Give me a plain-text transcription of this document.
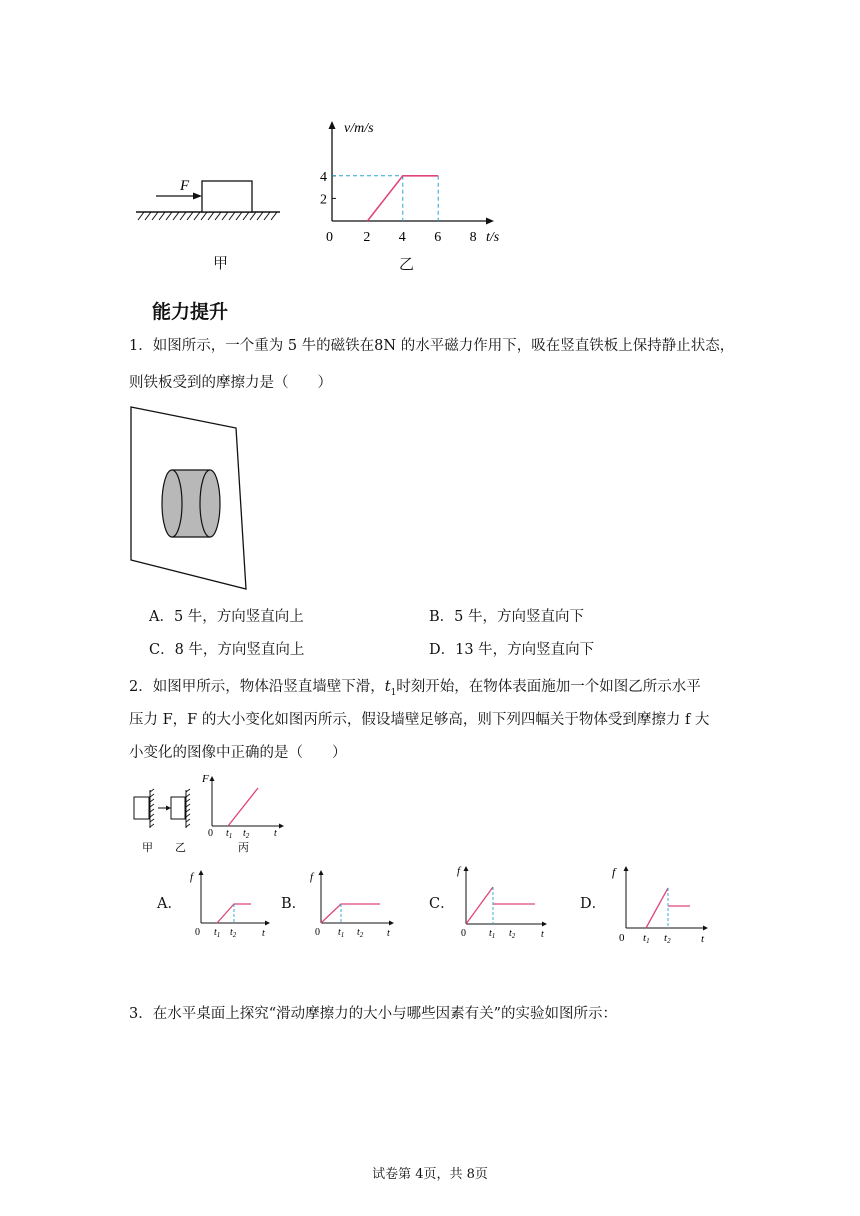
F
甲
v/m/s
t/s
0 2 4 6 8
2
4
乙
能力提升
1．如图所示，一个重为 5 牛的磁铁在8N 的水平磁力作用下，吸在竖直铁板上保持静止状态，
则铁板受到的摩擦力是（　　）
A．5 牛，方向竖直向上	B．5 牛，方向竖直向下
C．8 牛，方向竖直向上	D．13 牛，方向竖直向下
2．如图甲所示，物体沿竖直墙壁下滑，$t_1$时刻开始，在物体表面施加一个如图乙所示水平
压力 F，F 的大小变化如图丙所示，假设墙壁足够高，则下列四幅关于物体受到摩擦力 f 大
小变化的图像中正确的是（　　）
F
0 $t_1$ $t_2$ t
甲 乙	丙
A．	B．	C．	D．
f
0 $t_1$ $t_2$	t
f
0 $t_1$ $t_2$ t
f
0 $t_1$ $t_2$	t
f
0 t1 t2	t
3．在水平桌面上探究“滑动摩擦力的大小与哪些因素有关”的实验如图所示：
试卷第 4页，共 8页
